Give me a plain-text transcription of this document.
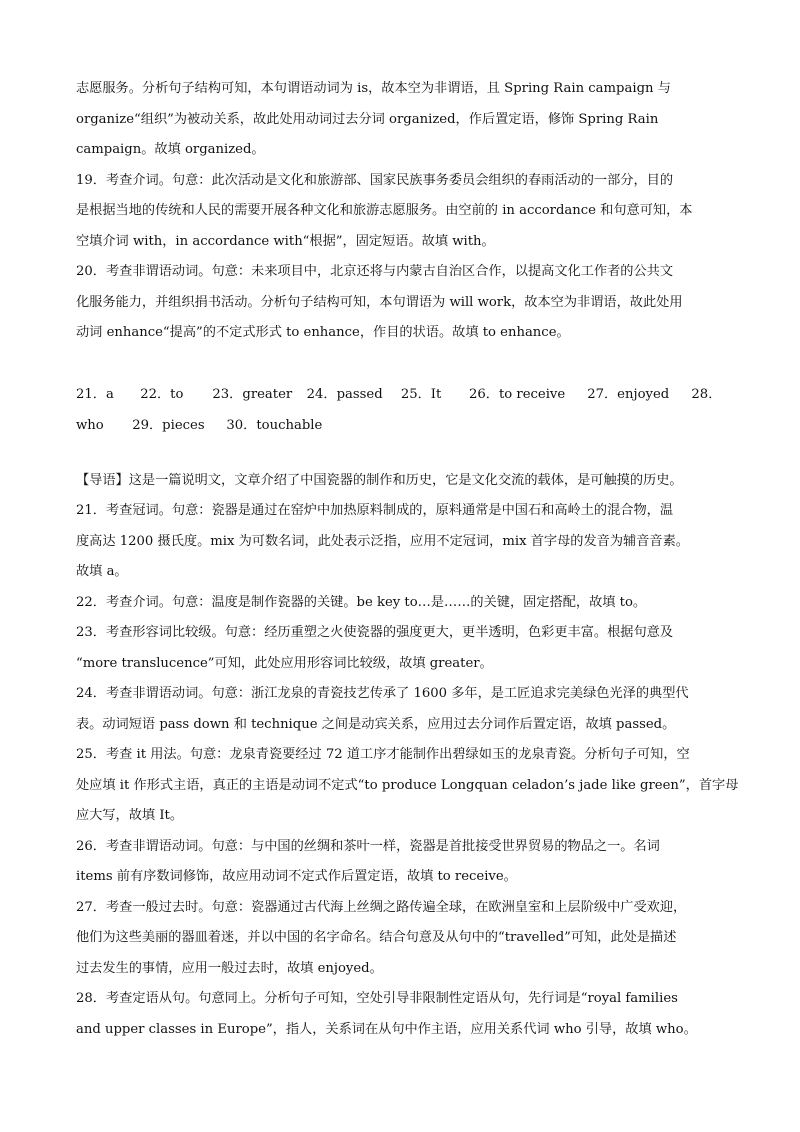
志愿服务。分析句子结构可知，本句谓语动词为 is，故本空为非谓语，且 Spring Rain campaign 与
organize“组织”为被动关系，故此处用动词过去分词 organized，作后置定语，修饰 Spring Rain
campaign。故填 organized。
19．考查介词。句意：此次活动是文化和旅游部、国家民族事务委员会组织的春雨活动的一部分，目的
是根据当地的传统和人民的需要开展各种文化和旅游志愿服务。由空前的 in accordance 和句意可知，本
空填介词 with，in accordance with“根据”，固定短语。故填 with。
20．考查非谓语动词。句意：未来项目中，北京还将与内蒙古自治区合作，以提高文化工作者的公共文
化服务能力，并组织捐书活动。分析句子结构可知，本句谓语为 will work，故本空为非谓语，故此处用
动词 enhance“提高”的不定式形式 to enhance，作目的状语。故填 to enhance。
21．a 22．to 23．greater 24．passed 25．It 26．to receive 27．enjoyed 28．
who 29．pieces 30．touchable
【导语】这是一篇说明文，文章介绍了中国瓷器的制作和历史，它是文化交流的载体，是可触摸的历史。
21．考查冠词。句意：瓷器是通过在窑炉中加热原料制成的，原料通常是中国石和高岭土的混合物，温
度高达 1200 摄氏度。mix 为可数名词，此处表示泛指，应用不定冠词，mix 首字母的发音为辅音音素。
故填 a。
22．考查介词。句意：温度是制作瓷器的关键。be key to…是……的关键，固定搭配，故填 to。
23．考查形容词比较级。句意：经历重塑之火使瓷器的强度更大，更半透明，色彩更丰富。根据句意及
“more translucence”可知，此处应用形容词比较级，故填 greater。
24．考查非谓语动词。句意：浙江龙泉的青瓷技艺传承了 1600 多年，是工匠追求完美绿色光泽的典型代
表。动词短语 pass down 和 technique 之间是动宾关系，应用过去分词作后置定语，故填 passed。
25．考查 it 用法。句意：龙泉青瓷要经过 72 道工序才能制作出碧绿如玉的龙泉青瓷。分析句子可知，空
处应填 it 作形式主语，真正的主语是动词不定式“to produce Longquan celadon’s jade like green”，首字母
应大写，故填 It。
26．考查非谓语动词。句意：与中国的丝绸和茶叶一样，瓷器是首批接受世界贸易的物品之一。名词
items 前有序数词修饰，故应用动词不定式作后置定语，故填 to receive。
27．考查一般过去时。句意：瓷器通过古代海上丝绸之路传遍全球，在欧洲皇室和上层阶级中广受欢迎，
他们为这些美丽的器皿着迷，并以中国的名字命名。结合句意及从句中的“travelled”可知，此处是描述
过去发生的事情，应用一般过去时，故填 enjoyed。
28．考查定语从句。句意同上。分析句子可知，空处引导非限制性定语从句，先行词是“royal families
and upper classes in Europe”，指人，关系词在从句中作主语，应用关系代词 who 引导，故填 who。
